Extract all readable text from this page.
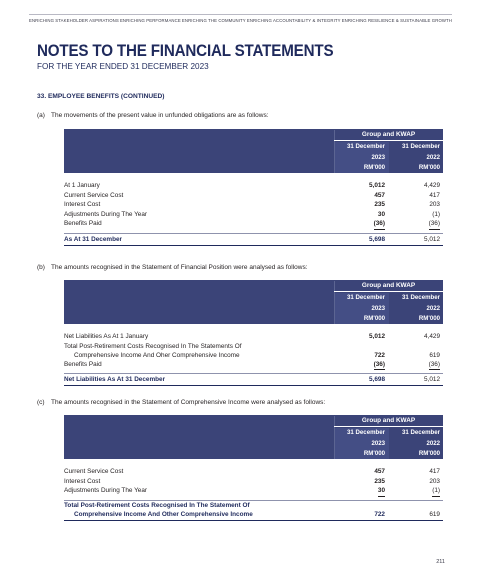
ENRICHING STAKEHOLDER ASPIRATIONS ENRICHING PERFORMANCE ENRICHING THE COMMUNITY ENRICHING ACCOUNTABILITY & INTEGRITY ENRICHING RESILIENCE & SUSTAINABLE GROWTH
NOTES TO THE FINANCIAL STATEMENTS

FOR THE YEAR ENDED 31 DECEMBER 2023

33. EMPLOYEE BENEFITS (CONTINUED)
(a) The movements of the present value in unfunded obligations are as follows:
Group and KWAP
31 December
2023
RM'000
31 December
2022
RM'000
At 1 January	5,012	4,429
Current Service Cost	457	417
Interest Cost	235	203
Adjustments During The Year	30	(1)
Benefits Paid	(36)	(36)
As At 31 December	5,698	5,012
(b) The amounts recognised in the Statement of Financial Position were analysed as follows:
Group and KWAP
31 December
2023
RM'000
31 December
2022
RM'000
Net Liabilities As At 1 January	5,012	4,429
Total Post-Retirement Costs Recognised In The Statements Of
Comprehensive Income And Oher Comprehensive Income	722	619
Benefits Paid	(36)	(36)
Net Liabilities As At 31 December	5,698	5,012
(c) The amounts recognised in the Statement of Comprehensive Income were analysed as follows:
Group and KWAP
31 December
2023
RM'000
31 December
2022
RM'000
Current Service Cost	457	417
Interest Cost	235	203
Adjustments During The Year	30	(1)
Total Post-Retirement Costs Recognised In The Statement Of
Comprehensive Income And Other Comprehensive Income	722	619
211
